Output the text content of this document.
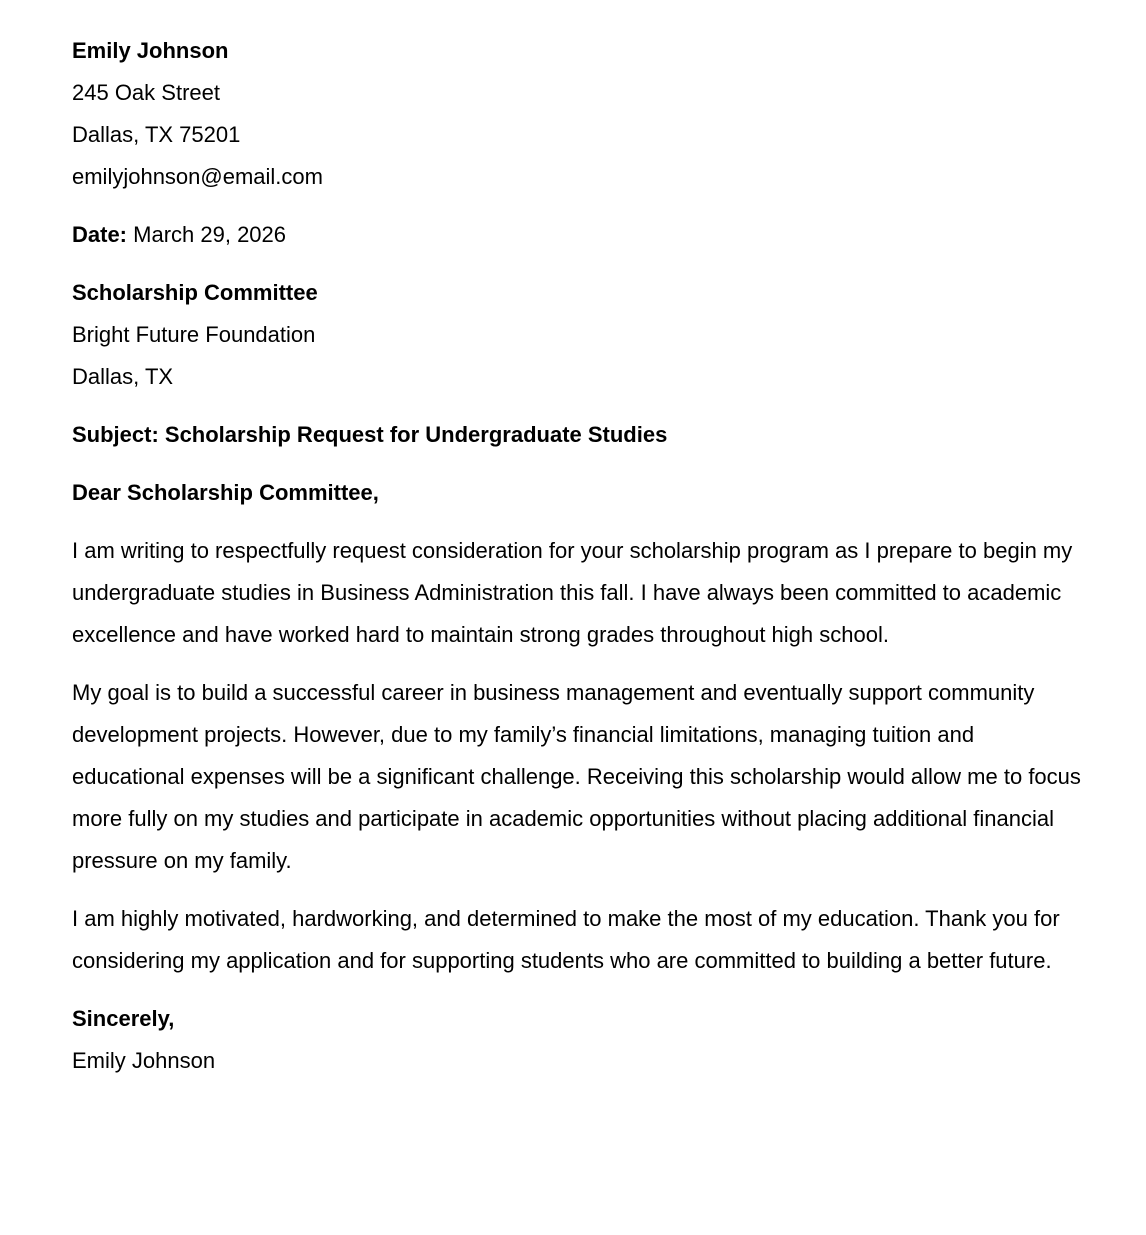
Emily Johnson
245 Oak Street
Dallas, TX 75201
emilyjohnson@email.com
Date: March 29, 2026
Scholarship Committee
Bright Future Foundation
Dallas, TX
Subject: Scholarship Request for Undergraduate Studies
Dear Scholarship Committee,
I am writing to respectfully request consideration for your scholarship program as I prepare to begin my undergraduate studies in Business Administration this fall. I have always been committed to academic excellence and have worked hard to maintain strong grades throughout high school.
My goal is to build a successful career in business management and eventually support community development projects. However, due to my family’s financial limitations, managing tuition and educational expenses will be a significant challenge. Receiving this scholarship would allow me to focus more fully on my studies and participate in academic opportunities without placing additional financial pressure on my family.
I am highly motivated, hardworking, and determined to make the most of my education. Thank you for considering my application and for supporting students who are committed to building a better future.
Sincerely,
Emily Johnson
